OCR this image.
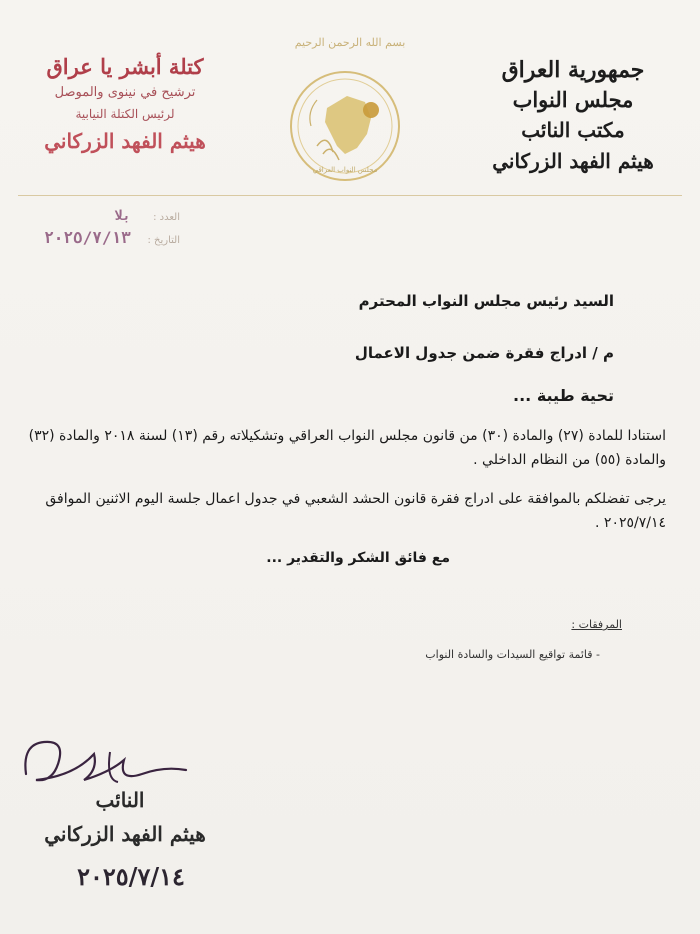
جمهورية العراق
مجلس النواب
مكتب النائب
هيثم الفهد الزركاني
بسم الله الرحمن الرحيم
مجلس النواب العراقي
كتلة أبشر يا عراق
ترشيح في نينوى والموصل
لرئيس الكتلة النيابية
هيثم الفهد الزركاني
العدد : بلا
التاريخ : ٢٠٢٥/٧/١٣
السيد رئيس مجلس النواب المحترم
م / ادراج فقرة ضمن جدول الاعمال
تحية طيبة ...
استنادا للمادة (٢٧) والمادة (٣٠) من قانون مجلس النواب العراقي وتشكيلاته رقم (١٣) لسنة ٢٠١٨ والمادة (٣٢) والمادة (٥٥) من النظام الداخلي .
يرجى تفضلكم بالموافقة على ادراج فقرة قانون الحشد الشعبي في جدول اعمال جلسة اليوم الاثنين الموافق ٢٠٢٥/٧/١٤ .
مع فائق الشكر والتقدير ...
المرفقات :
- قائمة تواقيع السيدات والسادة النواب
النائب
هيثم الفهد الزركاني
٢٠٢٥/٧/١٤
